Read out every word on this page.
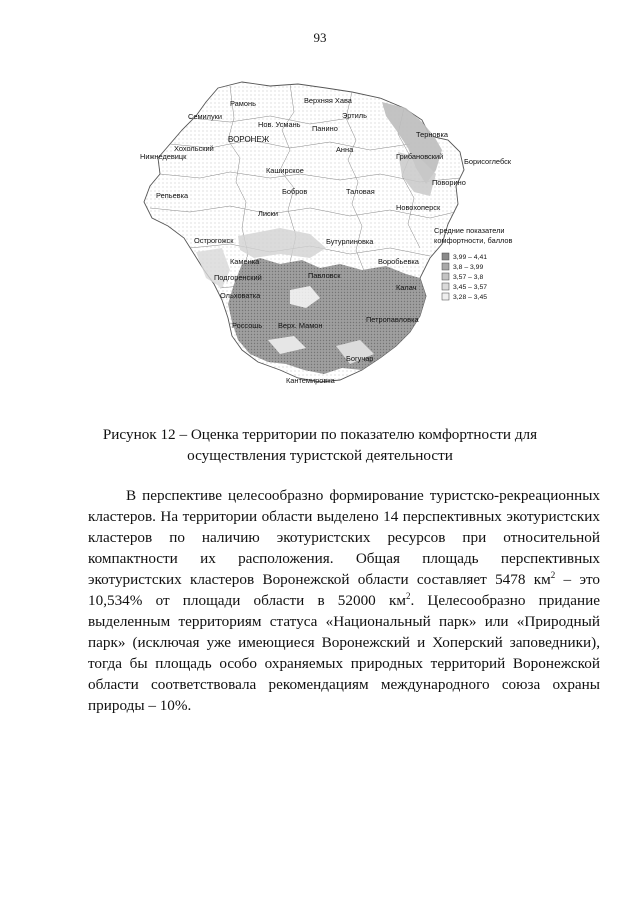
93
Рамонь	Верхняя Хава
Семилуки	Эртиль
Нов. Усмань Панино
ВОРОНЕЖ
Терновка
Хохольский	Анна
Нижнедевицк	Грибановский
Борисоглебск
Каширское
Поворино
Репьевка	Бобров	Таловая
Новохоперск
Лиски
Острогожск	Бутурлиновка
Каменка	Воробьевка
Подгоренский	Павловск
Калач
Ольховатка
Петропавловка
Россошь Верх. Мамон
Богучар
Кантемировка
Средние показатели
комфортности, баллов
3,99 – 4,41
3,8 – 3,99
3,57 – 3,8
3,45 – 3,57
3,28 – 3,45
Рисунок 12 – Оценка территории по показателю комфортности для
осуществления туристской деятельности

В перспективе целесообразно формирование туристско-рекреационных кластеров. На территории области выделено 14 перспективных экотуристских кластеров по наличию экотуристских ресурсов при относительной компактности их расположения. Общая площадь перспективных экотуристских кластеров Воронежской области составляет 5478 $км^2$ – это 10,534% от площади области в 52000 $км^2$. Целесообразно придание выделенным территориям статуса «Национальный парк» или «Природный парк» (исключая уже имеющиеся Воронежский и Хоперский заповедники), тогда бы площадь особо охраняемых природных территорий Воронежской области соответствовала рекомендациям международного союза охраны природы – 10%.
